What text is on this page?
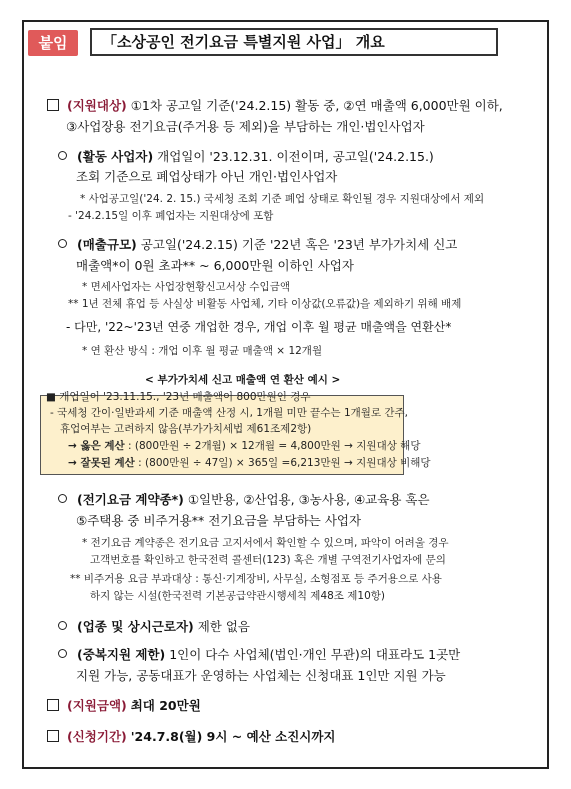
붙임	「소상공인 전기요금 특별지원 사업」 개요
(지원대상) ①1차 공고일 기준('24.2.15) 활동 중, ②연 매출액 6,000만원 이하,
③사업장용 전기요금(주거용 등 제외)을 부담하는 개인·법인사업자
(활동 사업자) 개업일이 '23.12.31. 이전이며, 공고일('24.2.15.)
조회 기준으로 폐업상태가 아닌 개인·법인사업자
* 사업공고일('24. 2. 15.) 국세청 조회 기준 폐업 상태로 확인될 경우 지원대상에서 제외
- '24.2.15일 이후 폐업자는 지원대상에 포함
(매출규모) 공고일('24.2.15) 기준 '22년 혹은 '23년 부가가치세 신고
매출액*이 0원 초과** ~ 6,000만원 이하인 사업자
* 면세사업자는 사업장현황신고서상 수입금액
** 1년 전체 휴업 등 사실상 비활동 사업체, 기타 이상값(오류값)을 제외하기 위해 배제
- 다만, '22~'23년 연중 개업한 경우, 개업 이후 월 평균 매출액을 연환산*
* 연 환산 방식 : 개업 이후 월 평균 매출액 × 12개월
< 부가가치세 신고 매출액 연 환산 예시 >
■ 개업일이 '23.11.15., '23년 매출액이 800만원인 경우
- 국세청 간이·일반과세 기준 매출액 산정 시, 1개월 미만 끝수는 1개월로 간주,
휴업여부는 고려하지 않음(부가가치세법 제61조제2항)
→ 옳은 계산 : (800만원 ÷ 2개월) × 12개월 = 4,800만원 → 지원대상 해당
→ 잘못된 계산 : (800만원 ÷ 47일) × 365일 =6,213만원 → 지원대상 비해당
(전기요금 계약종*) ①일반용, ②산업용, ③농사용, ④교육용 혹은
⑤주택용 중 비주거용** 전기요금을 부담하는 사업자
* 전기요금 계약종은 전기요금 고지서에서 확인할 수 있으며, 파악이 어려울 경우
고객번호를 확인하고 한국전력 콜센터(123) 혹은 개별 구역전기사업자에 문의
** 비주거용 요금 부과대상 : 통신·기계장비, 사무실, 소형점포 등 주거용으로 사용
하지 않는 시설(한국전력 기본공급약관시행세칙 제48조 제10항)
(업종 및 상시근로자) 제한 없음
(중복지원 제한) 1인이 다수 사업체(법인·개인 무관)의 대표라도 1곳만
지원 가능, 공동대표가 운영하는 사업체는 신청대표 1인만 지원 가능
(지원금액) 최대 20만원
(신청기간) '24.7.8(월) 9시 ~ 예산 소진시까지
